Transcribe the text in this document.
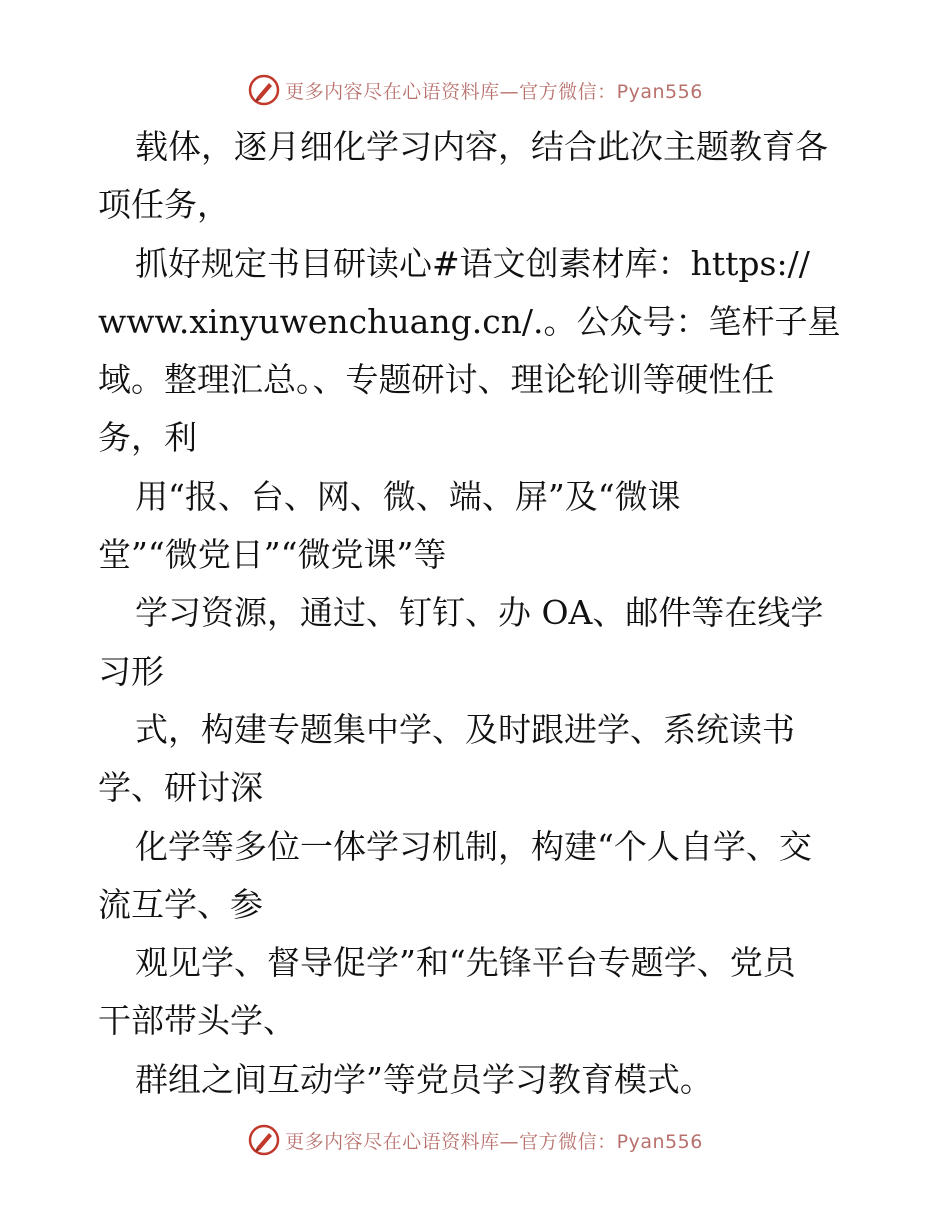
更多内容尽在心语资料库—官方微信：Pyan556
载体，逐月细化学习内容，结合此次主题教育各
项任务，
抓好规定书目研读心#语文创素材库：https://
www.xinyuwenchuang.cn/.。公众号：笔杆子星
域。整理汇总。、专题研讨、理论轮训等硬性任
务，利
用“报、台、网、微、端、屏”及“微课
堂”“微党日”“微党课”等
学习资源，通过、钉钉、办 OA、邮件等在线学
习形
式，构建专题集中学、及时跟进学、系统读书
学、研讨深
化学等多位一体学习机制，构建“个人自学、交
流互学、参
观见学、督导促学”和“先锋平台专题学、党员
干部带头学、
群组之间互动学”等党员学习教育模式。
更多内容尽在心语资料库—官方微信：Pyan556
